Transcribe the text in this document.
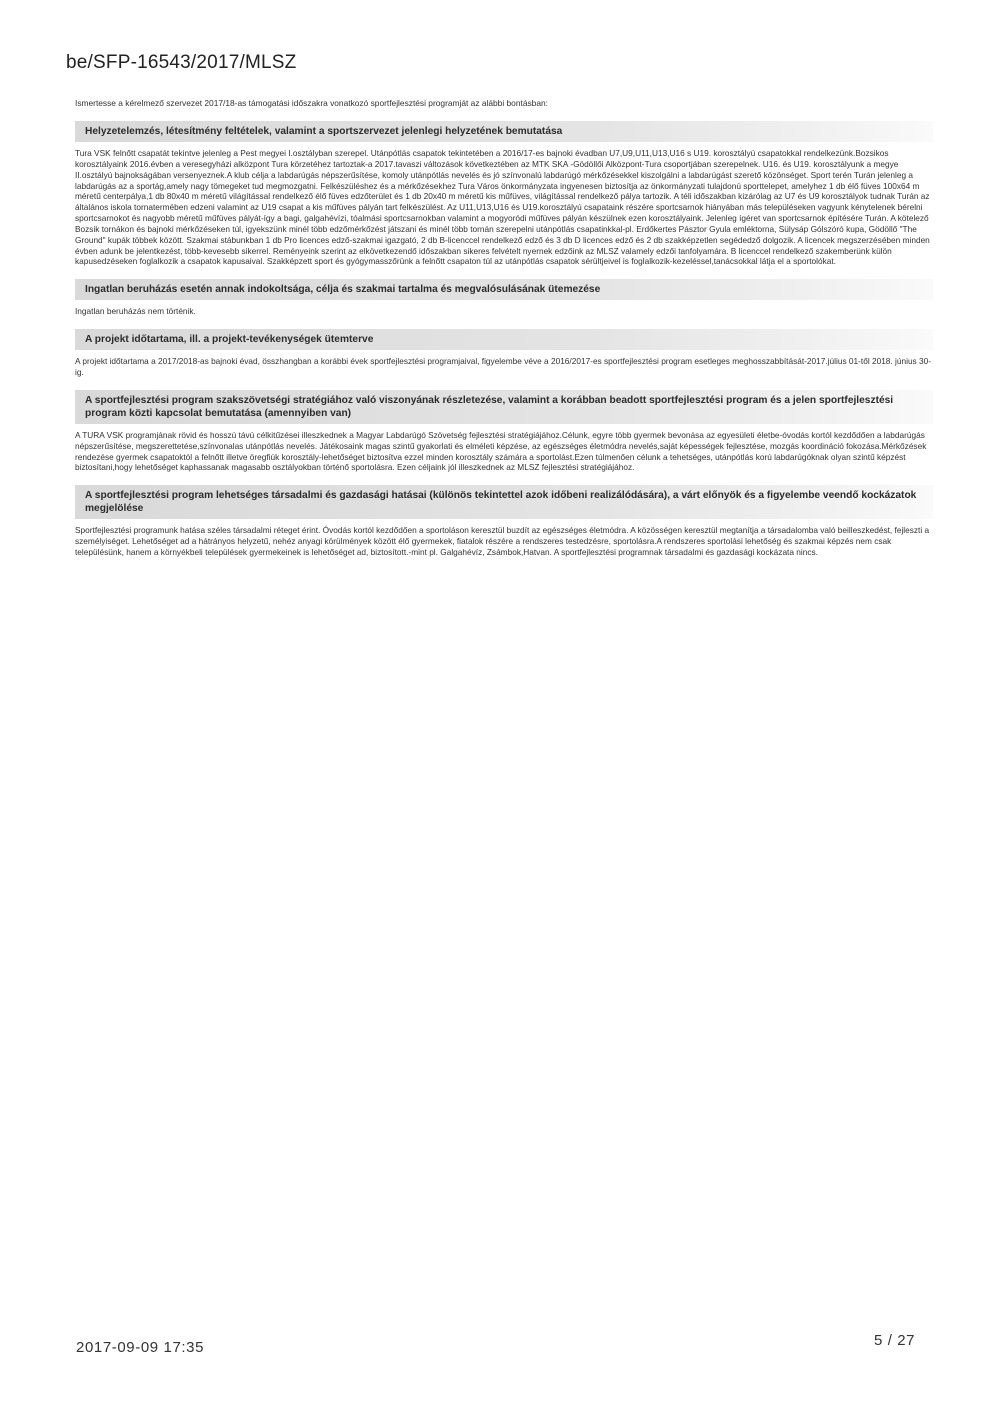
be/SFP-16543/2017/MLSZ

Ismertesse a kérelmező szervezet 2017/18-as támogatási időszakra vonatkozó sportfejlesztési programját az alábbi bontásban:

Helyzetelemzés, létesítmény feltételek, valamint a sportszervezet jelenlegi helyzetének bemutatása

Tura VSK felnőtt csapatát tekintve jelenleg a Pest megyei I.osztályban szerepel. Utánpótlás csapatok tekintetében a 2016/17-es bajnoki évadban U7,U9,U11,U13,U16 s U19. korosztályú csapatokkal rendelkezünk.Bozsikos korosztályaink 2016.évben a veresegyházi alközpont Tura körzetéhez tartoztak-a 2017.tavaszi változások következtében az MTK SKA -Gödöllői Alközpont-Tura csoportjában szerepelnek. U16. és U19. korosztályunk a megye II.osztályú bajnokságában versenyeznek.A klub célja a labdarúgás népszerűsítése, komoly utánpótlás nevelés és jó színvonalú labdarúgó mérkőzésekkel kiszolgálni a labdarúgást szerető közönséget. Sport terén Turán jelenleg a labdarúgás az a sportág,amely nagy tömegeket tud megmozgatni. Felkészüléshez és a mérkőzésekhez Tura Város önkormányzata ingyenesen biztosítja az önkormányzati tulajdonú sporttelepet, amelyhez 1 db élő füves 100x64 m méretű centerpálya,1 db 80x40 m méretű világítással rendelkező élő füves edzőterület és 1 db 20x40 m méretű kis műfüves, világítással rendelkező pálya tartozik. A téli időszakban kizárólag az U7 és U9 korosztályok tudnak Turán az általános iskola tornatermében edzeni valamint az U19 csapat a kis műfüves pályán tart felkészülést. Az U11,U13,U16 és U19.korosztályú csapataink részére sportcsarnok hiányában más településeken vagyunk kénytelenek bérelni sportcsarnokot és nagyobb méretű műfüves pályát-így a bagi, galgahévízi, tóalmási sportcsarnokban valamint a mogyoródi műfüves pályán készülnek ezen korosztályaink. Jelenleg ígéret van sportcsarnok építésére Turán. A kötelező Bozsik tornákon és bajnoki mérkőzéseken túl, igyekszünk minél több edzőmérkőzést játszani és minél több tornán szerepelni utánpótlás csapatinkkal-pl. Erdőkertes Pásztor Gyula emléktorna, Sülysáp Gólszóró kupa, Gödöllő "The Ground" kupák többek között. Szakmai stábunkban 1 db Pro licences edző-szakmai igazgató, 2 db B-licenccel rendelkező edző és 3 db D licences edző és 2 db szakképzetlen segédedző dolgozik. A licencek megszerzésében minden évben adunk be jelentkezést, több-kevesebb sikerrel. Reményeink szerint az elkövetkezendő időszakban sikeres felvételt nyernek edzőink az MLSZ valamely edzői tanfolyamára. B licenccel rendelkező szakemberünk külön kapusedzéseken foglalkozik a csapatok kapusaival. Szakképzett sport és gyógymasszőrünk a felnőtt csapaton túl az utánpótlás csapatok sérültjeivel is foglalkozik-kezeléssel,tanácsokkal látja el a sportolókat.

Ingatlan beruházás esetén annak indokoltsága, célja és szakmai tartalma és megvalósulásának ütemezése

Ingatlan beruházás nem történik.

A projekt időtartama, ill. a projekt-tevékenységek ütemterve

A projekt időtartama a 2017/2018-as bajnoki évad, összhangban a korábbi évek sportfejlesztési programjaival, figyelembe véve a 2016/2017-es sportfejlesztési program esetleges meghosszabbítását-2017.július 01-től 2018. június 30-ig.

A sportfejlesztési program szakszövetségi stratégiához való viszonyának részletezése, valamint a korábban beadott sportfejlesztési program és a jelen sportfejlesztési program közti kapcsolat bemutatása (amennyiben van)

A TURA VSK programjának rövid és hosszú távú célkitűzései illeszkednek a Magyar Labdarúgó Szövetség fejlesztési stratégiájához.Célunk, egyre több gyermek bevonása az egyesületi életbe-óvodás kortól kezdődően a labdarúgás népszerűsítése, megszerettetése,színvonalas utánpótlás nevelés. Játékosaink magas szintű gyakorlati és elméleti képzése, az egészséges életmódra nevelés,saját képességek fejlesztése, mozgás koordináció fokozása.Mérkőzések rendezése gyermek csapatoktól a felnőtt illetve öregfiúk korosztály-lehetőséget biztosítva ezzel minden korosztály számára a sportolást.Ezen túlmenően célunk a tehetséges, utánpótlás korú labdarúgóknak olyan szintű képzést biztosítani,hogy lehetőséget kaphassanak magasabb osztályokban történő sportolásra. Ezen céljaink jól illeszkednek az MLSZ fejlesztési stratégiájához.

A sportfejlesztési program lehetséges társadalmi és gazdasági hatásai (különös tekintettel azok időbeni realizálódására), a várt előnyök és a figyelembe veendő kockázatok megjelölése

Sportfejlesztési programunk hatása széles társadalmi réteget érint. Óvodás kortól kezdődően a sportoláson keresztül buzdít az egészséges életmódra. A közösségen keresztül megtanítja a társadalomba való beilleszkedést, fejleszti a személyiséget. Lehetőséget ad a hátrányos helyzetű, nehéz anyagi körülmények között élő gyermekek, fiatalok részére a rendszeres testedzésre, sportolásra.A rendszeres sportolási lehetőség és szakmai képzés nem csak településünk, hanem a környékbeli települések gyermekeinek is lehetőséget ad, biztosított.-mint pl. Galgahévíz, Zsámbok,Hatvan. A sportfejlesztési programnak társadalmi és gazdasági kockázata nincs.

2017-09-09 17:35	5 / 27
